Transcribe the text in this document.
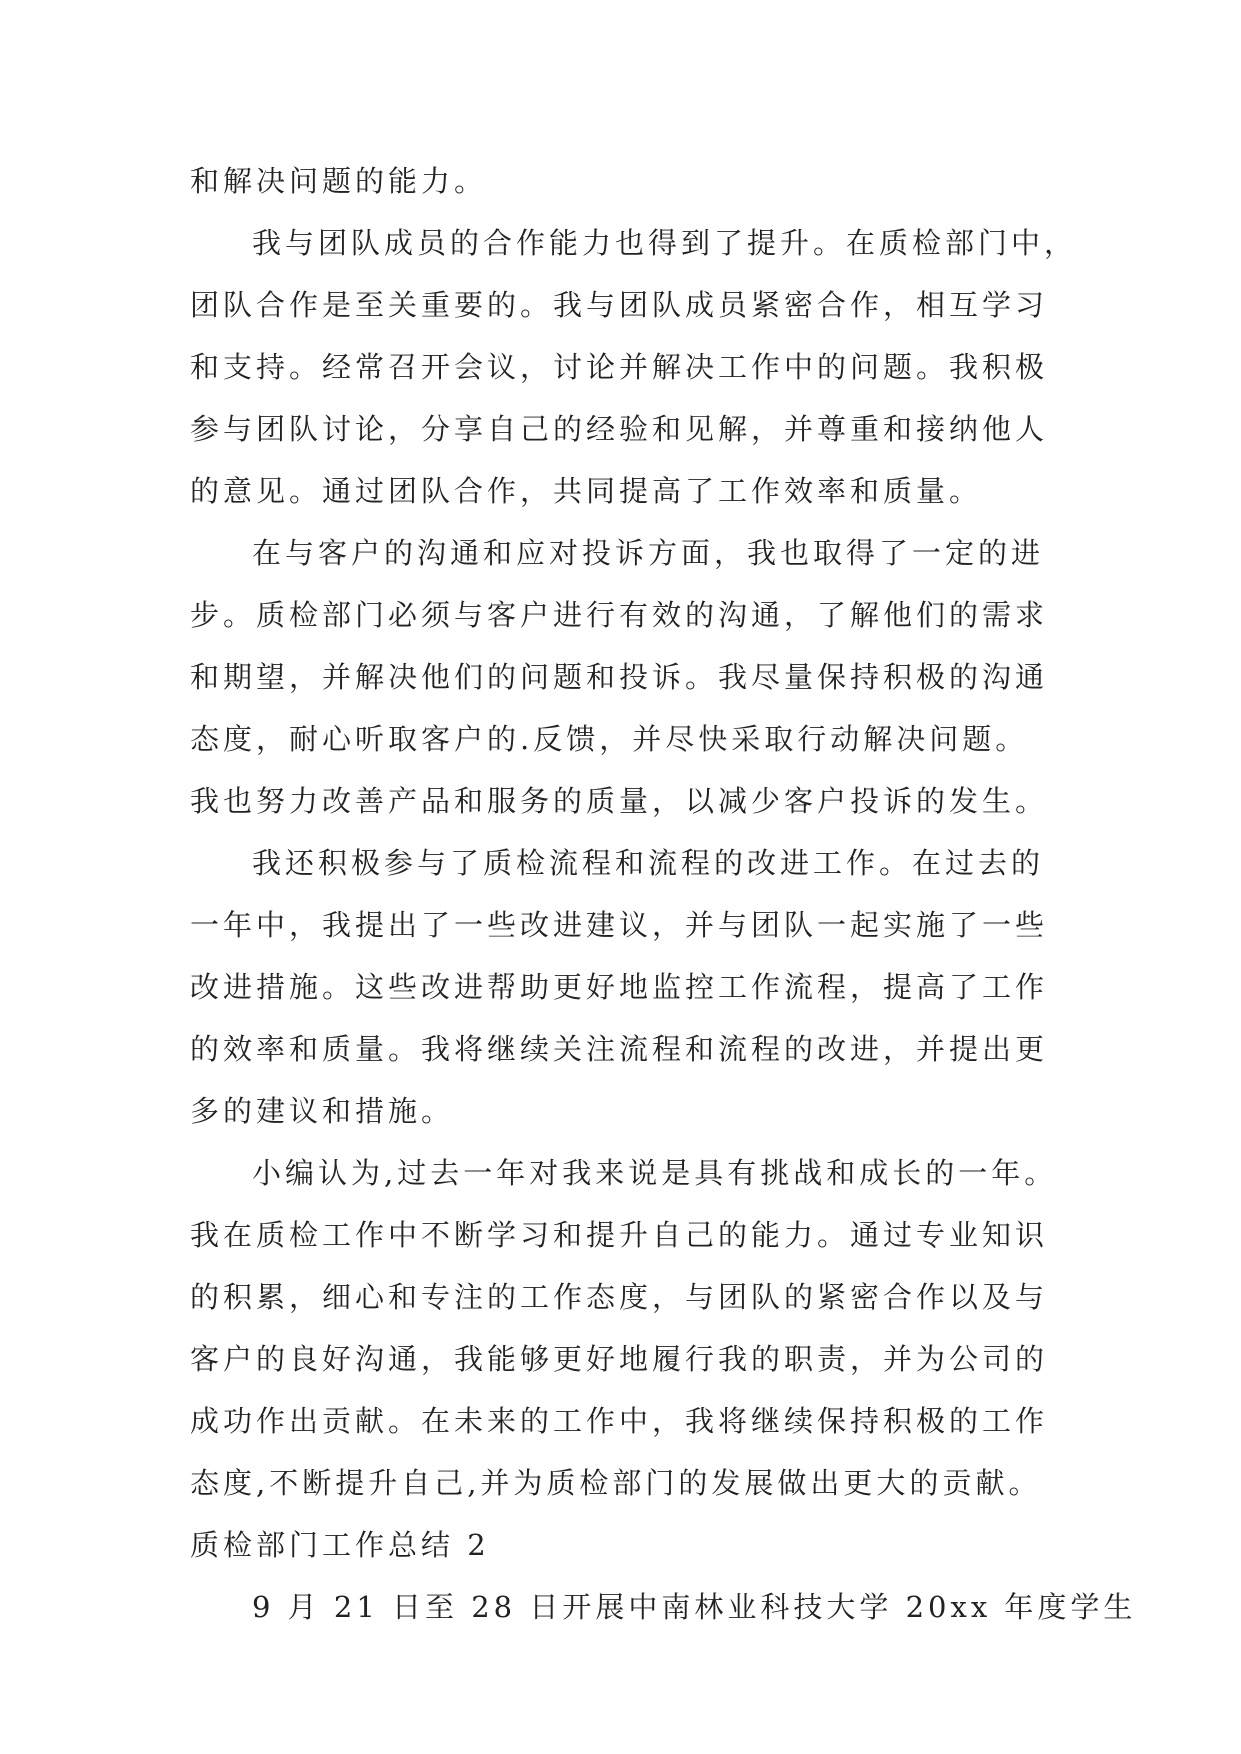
和解决问题的能力。

我与团队成员的合作能力也得到了提升。在质检部门中，
团队合作是至关重要的。我与团队成员紧密合作，相互学习
和支持。经常召开会议，讨论并解决工作中的问题。我积极
参与团队讨论，分享自己的经验和见解，并尊重和接纳他人
的意见。通过团队合作，共同提高了工作效率和质量。

在与客户的沟通和应对投诉方面，我也取得了一定的进
步。质检部门必须与客户进行有效的沟通，了解他们的需求
和期望，并解决他们的问题和投诉。我尽量保持积极的沟通
态度，耐心听取客户的.反馈，并尽快采取行动解决问题。
我也努力改善产品和服务的质量，以减少客户投诉的发生。

我还积极参与了质检流程和流程的改进工作。在过去的
一年中，我提出了一些改进建议，并与团队一起实施了一些
改进措施。这些改进帮助更好地监控工作流程，提高了工作
的效率和质量。我将继续关注流程和流程的改进，并提出更
多的建议和措施。

小编认为,过去一年对我来说是具有挑战和成长的一年。
我在质检工作中不断学习和提升自己的能力。通过专业知识
的积累，细心和专注的工作态度，与团队的紧密合作以及与
客户的良好沟通，我能够更好地履行我的职责，并为公司的
成功作出贡献。在未来的工作中，我将继续保持积极的工作
态度,不断提升自己,并为质检部门的发展做出更大的贡献。

质检部门工作总结 2

9 月 21 日至 28 日开展中南林业科技大学 20xx 年度学生
